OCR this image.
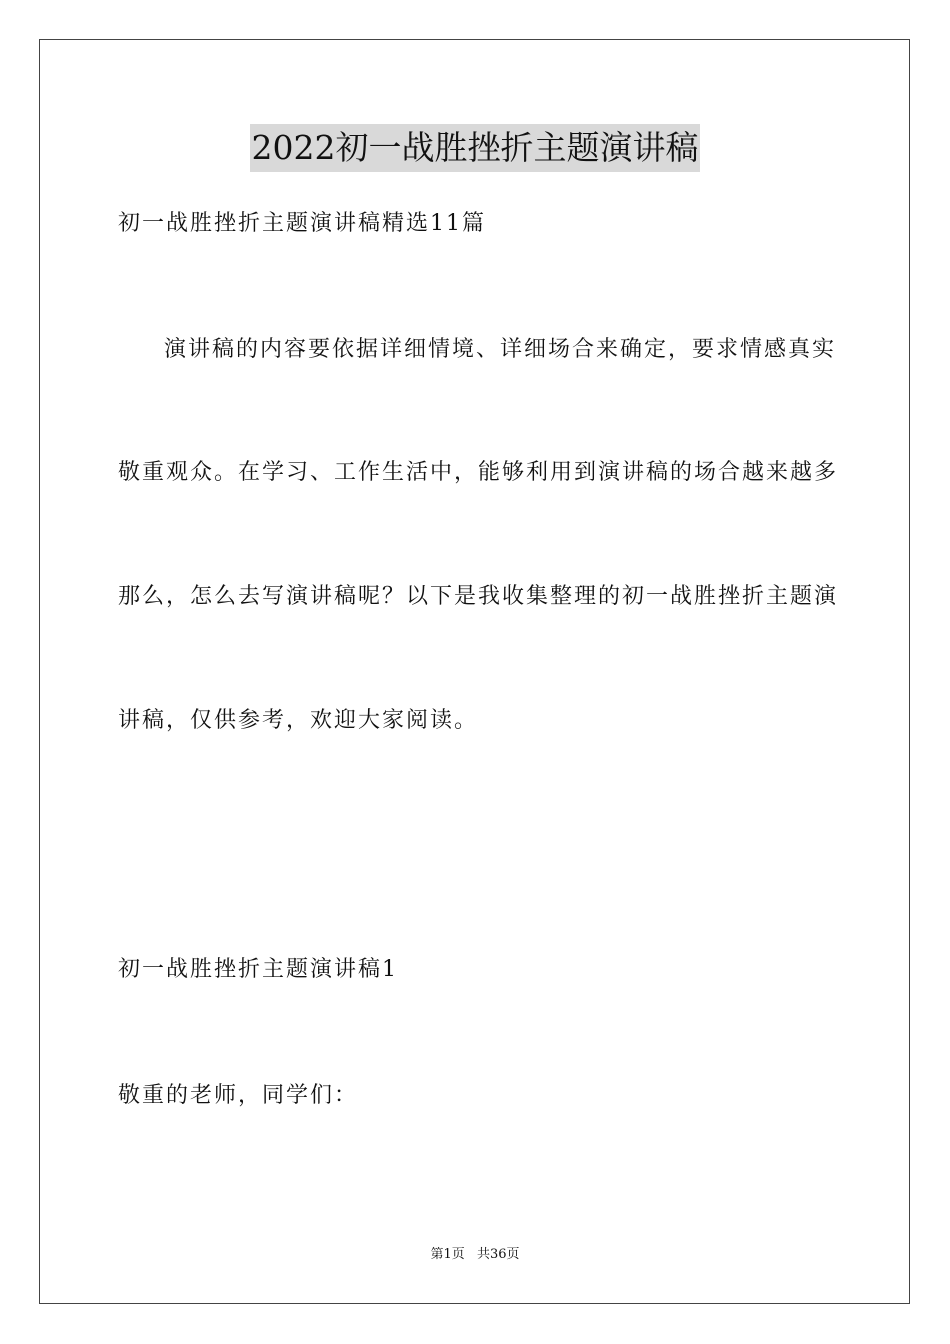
2022初一战胜挫折主题演讲稿
初一战胜挫折主题演讲稿精选11篇
演讲稿的内容要依据详细情境、详细场合来确定，要求情感真实
敬重观众。在学习、工作生活中，能够利用到演讲稿的场合越来越多
那么，怎么去写演讲稿呢？以下是我收集整理的初一战胜挫折主题演
讲稿，仅供参考，欢迎大家阅读。
初一战胜挫折主题演讲稿1
敬重的老师，同学们：
第1页 共36页
